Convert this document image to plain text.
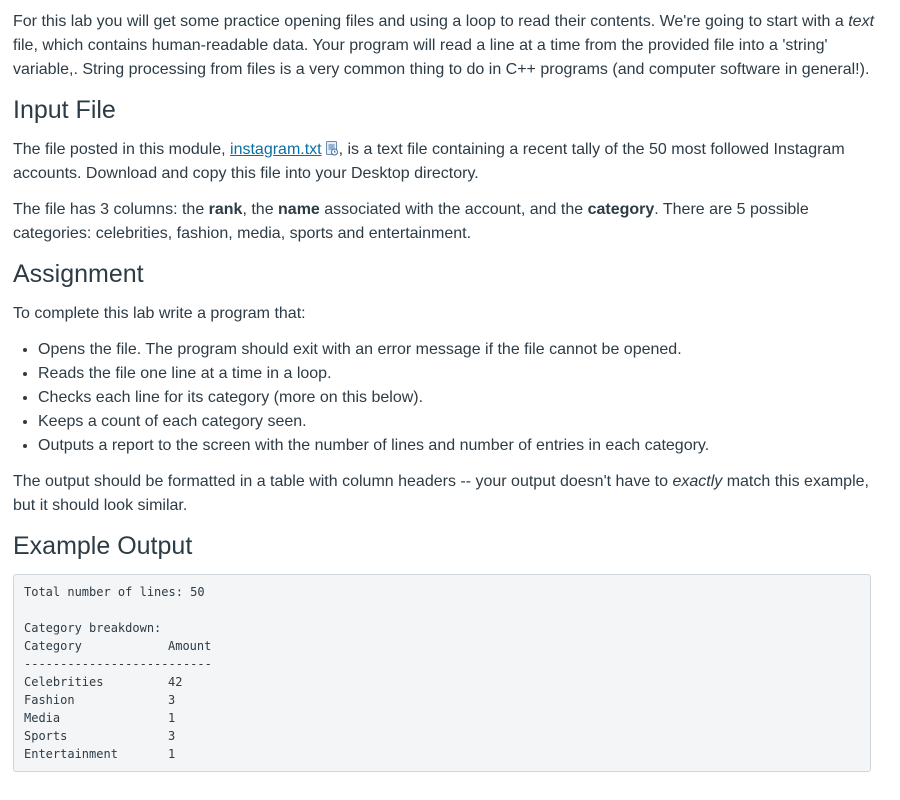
For this lab you will get some practice opening files and using a loop to read their contents. We're going to start with a text file, which contains human-readable data. Your program will read a line at a time from the provided file into a 'string' variable,. String processing from files is a very common thing to do in C++ programs (and computer software in general!).

Input File

The file posted in this module, instagram.txt , is a text file containing a recent tally of the 50 most followed Instagram accounts. Download and copy this file into your Desktop directory.

The file has 3 columns: the rank, the name associated with the account, and the category. There are 5 possible categories: celebrities, fashion, media, sports and entertainment.

Assignment

To complete this lab write a program that:

• Opens the file. The program should exit with an error message if the file cannot be opened.
• Reads the file one line at a time in a loop.
• Checks each line for its category (more on this below).
• Keeps a count of each category seen.
• Outputs a report to the screen with the number of lines and number of entries in each category.

The output should be formatted in a table with column headers -- your output doesn't have to exactly match this example, but it should look similar.

Example Output
Total number of lines: 50

Category breakdown:

Category	Amount
--------------------------

Celebrities	42
Fashion	3
Media	1
Sports	3
Entertainment	1
